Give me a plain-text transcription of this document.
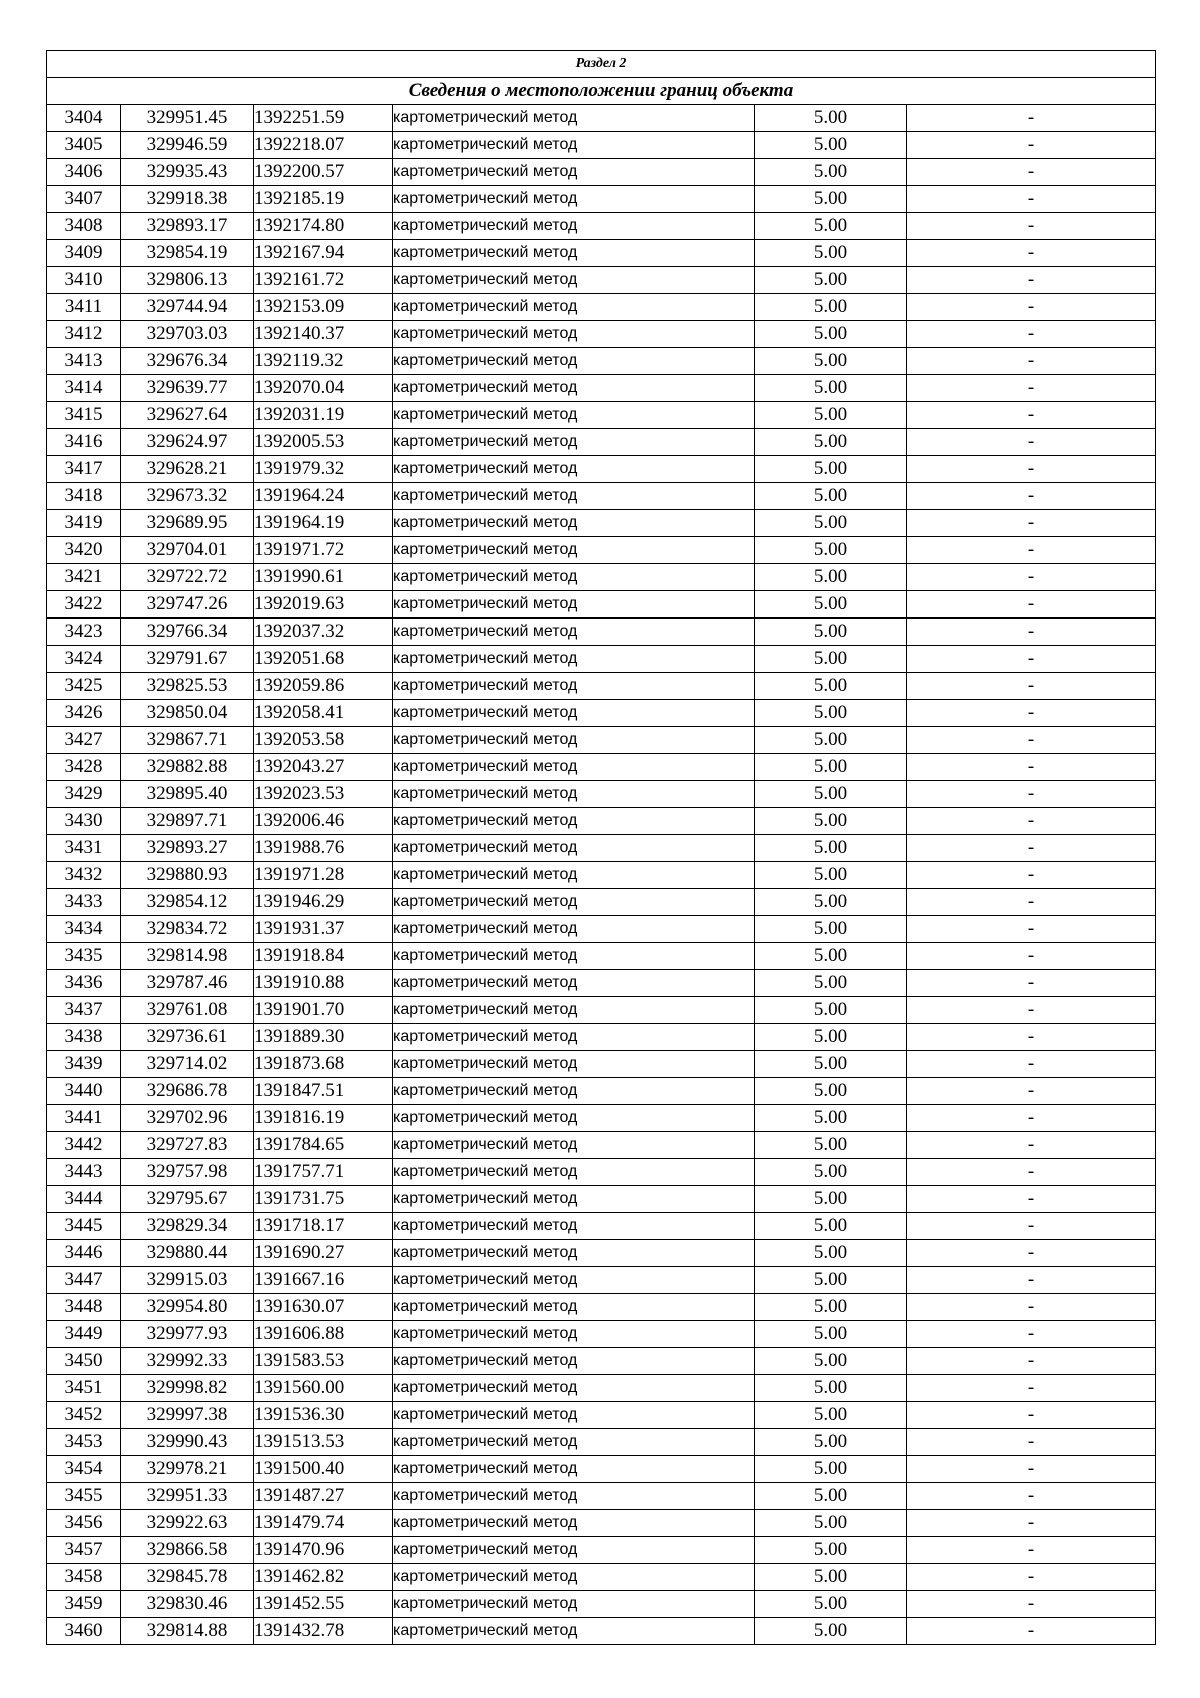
Раздел 2					
Сведения о местоположении границ объекта					
3404	329951.45	1392251.59	картометрический метод	5.00	-
3405	329946.59	1392218.07	картометрический метод	5.00	-
3406	329935.43	1392200.57	картометрический метод	5.00	-
3407	329918.38	1392185.19	картометрический метод	5.00	-
3408	329893.17	1392174.80	картометрический метод	5.00	-
3409	329854.19	1392167.94	картометрический метод	5.00	-
3410	329806.13	1392161.72	картометрический метод	5.00	-
3411	329744.94	1392153.09	картометрический метод	5.00	-
3412	329703.03	1392140.37	картометрический метод	5.00	-
3413	329676.34	1392119.32	картометрический метод	5.00	-
3414	329639.77	1392070.04	картометрический метод	5.00	-
3415	329627.64	1392031.19	картометрический метод	5.00	-
3416	329624.97	1392005.53	картометрический метод	5.00	-
3417	329628.21	1391979.32	картометрический метод	5.00	-
3418	329673.32	1391964.24	картометрический метод	5.00	-
3419	329689.95	1391964.19	картометрический метод	5.00	-
3420	329704.01	1391971.72	картометрический метод	5.00	-
3421	329722.72	1391990.61	картометрический метод	5.00	-
3422	329747.26	1392019.63	картометрический метод	5.00	-
3423	329766.34	1392037.32	картометрический метод	5.00	-
3424	329791.67	1392051.68	картометрический метод	5.00	-
3425	329825.53	1392059.86	картометрический метод	5.00	-
3426	329850.04	1392058.41	картометрический метод	5.00	-
3427	329867.71	1392053.58	картометрический метод	5.00	-
3428	329882.88	1392043.27	картометрический метод	5.00	-
3429	329895.40	1392023.53	картометрический метод	5.00	-
3430	329897.71	1392006.46	картометрический метод	5.00	-
3431	329893.27	1391988.76	картометрический метод	5.00	-
3432	329880.93	1391971.28	картометрический метод	5.00	-
3433	329854.12	1391946.29	картометрический метод	5.00	-
3434	329834.72	1391931.37	картометрический метод	5.00	-
3435	329814.98	1391918.84	картометрический метод	5.00	-
3436	329787.46	1391910.88	картометрический метод	5.00	-
3437	329761.08	1391901.70	картометрический метод	5.00	-
3438	329736.61	1391889.30	картометрический метод	5.00	-
3439	329714.02	1391873.68	картометрический метод	5.00	-
3440	329686.78	1391847.51	картометрический метод	5.00	-
3441	329702.96	1391816.19	картометрический метод	5.00	-
3442	329727.83	1391784.65	картометрический метод	5.00	-
3443	329757.98	1391757.71	картометрический метод	5.00	-
3444	329795.67	1391731.75	картометрический метод	5.00	-
3445	329829.34	1391718.17	картометрический метод	5.00	-
3446	329880.44	1391690.27	картометрический метод	5.00	-
3447	329915.03	1391667.16	картометрический метод	5.00	-
3448	329954.80	1391630.07	картометрический метод	5.00	-
3449	329977.93	1391606.88	картометрический метод	5.00	-
3450	329992.33	1391583.53	картометрический метод	5.00	-
3451	329998.82	1391560.00	картометрический метод	5.00	-
3452	329997.38	1391536.30	картометрический метод	5.00	-
3453	329990.43	1391513.53	картометрический метод	5.00	-
3454	329978.21	1391500.40	картометрический метод	5.00	-
3455	329951.33	1391487.27	картометрический метод	5.00	-
3456	329922.63	1391479.74	картометрический метод	5.00	-
3457	329866.58	1391470.96	картометрический метод	5.00	-
3458	329845.78	1391462.82	картометрический метод	5.00	-
3459	329830.46	1391452.55	картометрический метод	5.00	-
3460	329814.88	1391432.78	картометрический метод	5.00	-
